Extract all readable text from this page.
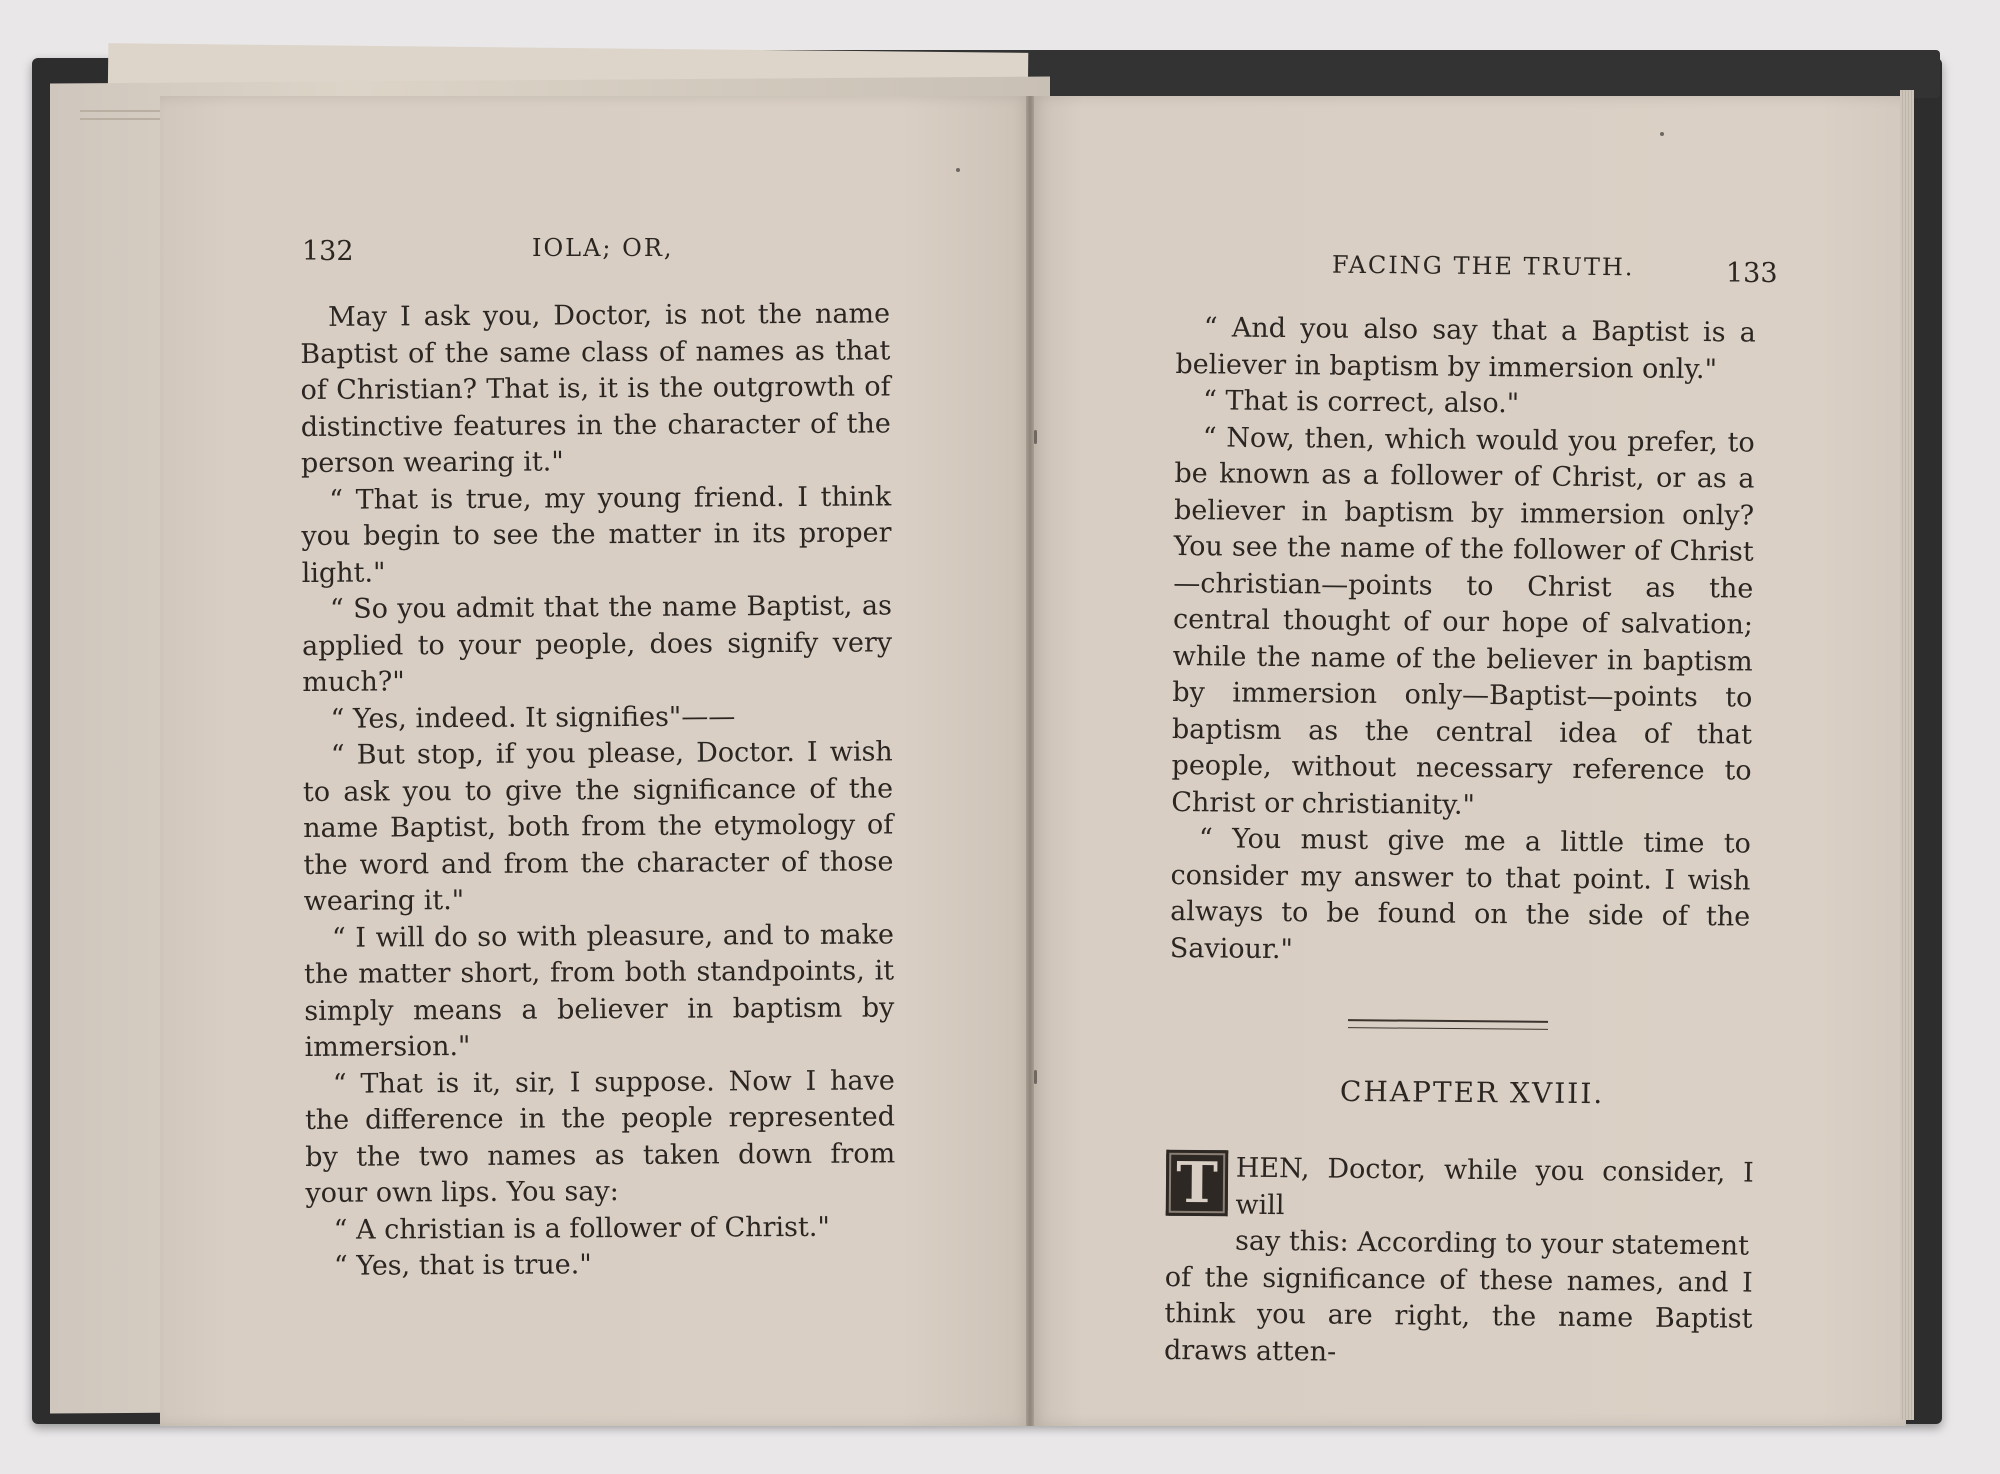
132	IOLA; OR,

May I ask you, Doctor, is not the name Baptist of the same class of names as that of Christian? That is, it is the outgrowth of distinctive features in the character of the person wearing it."

“ That is true, my young friend. I think you begin to see the matter in its proper light."

“ So you admit that the name Baptist, as applied to your people, does signify very much?"

“ Yes, indeed. It signifies"——

“ But stop, if you please, Doctor. I wish to ask you to give the significance of the name Baptist, both from the etymology of the word and from the character of those wearing it."

“ I will do so with pleasure, and to make the matter short, from both standpoints, it simply means a believer in baptism by immersion."

“ That is it, sir, I suppose. Now I have the difference in the people represented by the two names as taken down from your own lips. You say:

“ A christian is a follower of Christ."

“ Yes, that is true."

FACING THE TRUTH.	133

“ And you also say that a Baptist is a believer in baptism by immersion only."

“ That is correct, also."

“ Now, then, which would you prefer, to be known as a follower of Christ, or as a believer in baptism by immersion only? You see the name of the follower of Christ—christian—points to Christ as the central thought of our hope of salvation; while the name of the believer in baptism by immersion only—Baptist—points to baptism as the central idea of that people, without necessary reference to Christ or christianity."

“ You must give me a little time to consider my answer to that point. I wish always to be found on the side of the Saviour."

CHAPTER XVIII.
HEN, Doctor, while you consider, I will
say this: According to your statement
of the significance of these names, and I think you are right, the name Baptist draws atten-
T
